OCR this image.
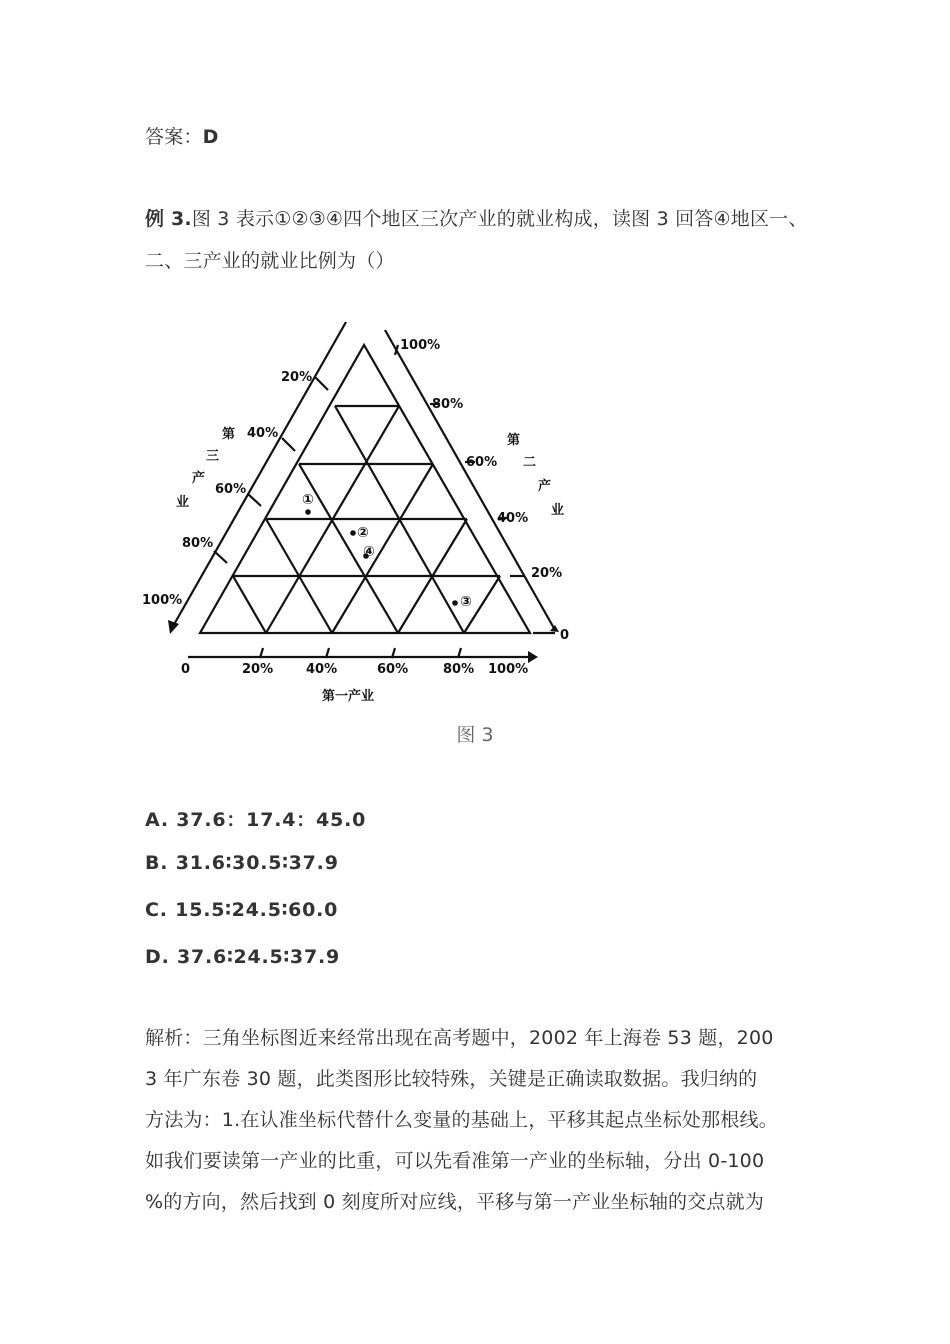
答案：D
例 3.图 3 表示①②③④四个地区三次产业的就业构成，读图 3 回答④地区一、二、三产业的就业比例为（）
①
②
④
③
第
三
产
业
第
二
产
业
20%
40%
60%
80%
100%
100%
80%
60%
40%
20%
0
0	20%	40%	60%	80% 100%
第一产业
图 3
A. 37.6：17.4：45.0
B. 31.6∶30.5∶37.9
C. 15.5∶24.5∶60.0
D. 37.6∶24.5∶37.9
解析：三角坐标图近来经常出现在高考题中，2002 年上海卷 53 题，200
3 年广东卷 30 题，此类图形比较特殊，关键是正确读取数据。我归纳的
方法为：1.在认准坐标代替什么变量的基础上，平移其起点坐标处那根线。
如我们要读第一产业的比重，可以先看准第一产业的坐标轴，分出 0-100
%的方向，然后找到 0 刻度所对应线，平移与第一产业坐标轴的交点就为
